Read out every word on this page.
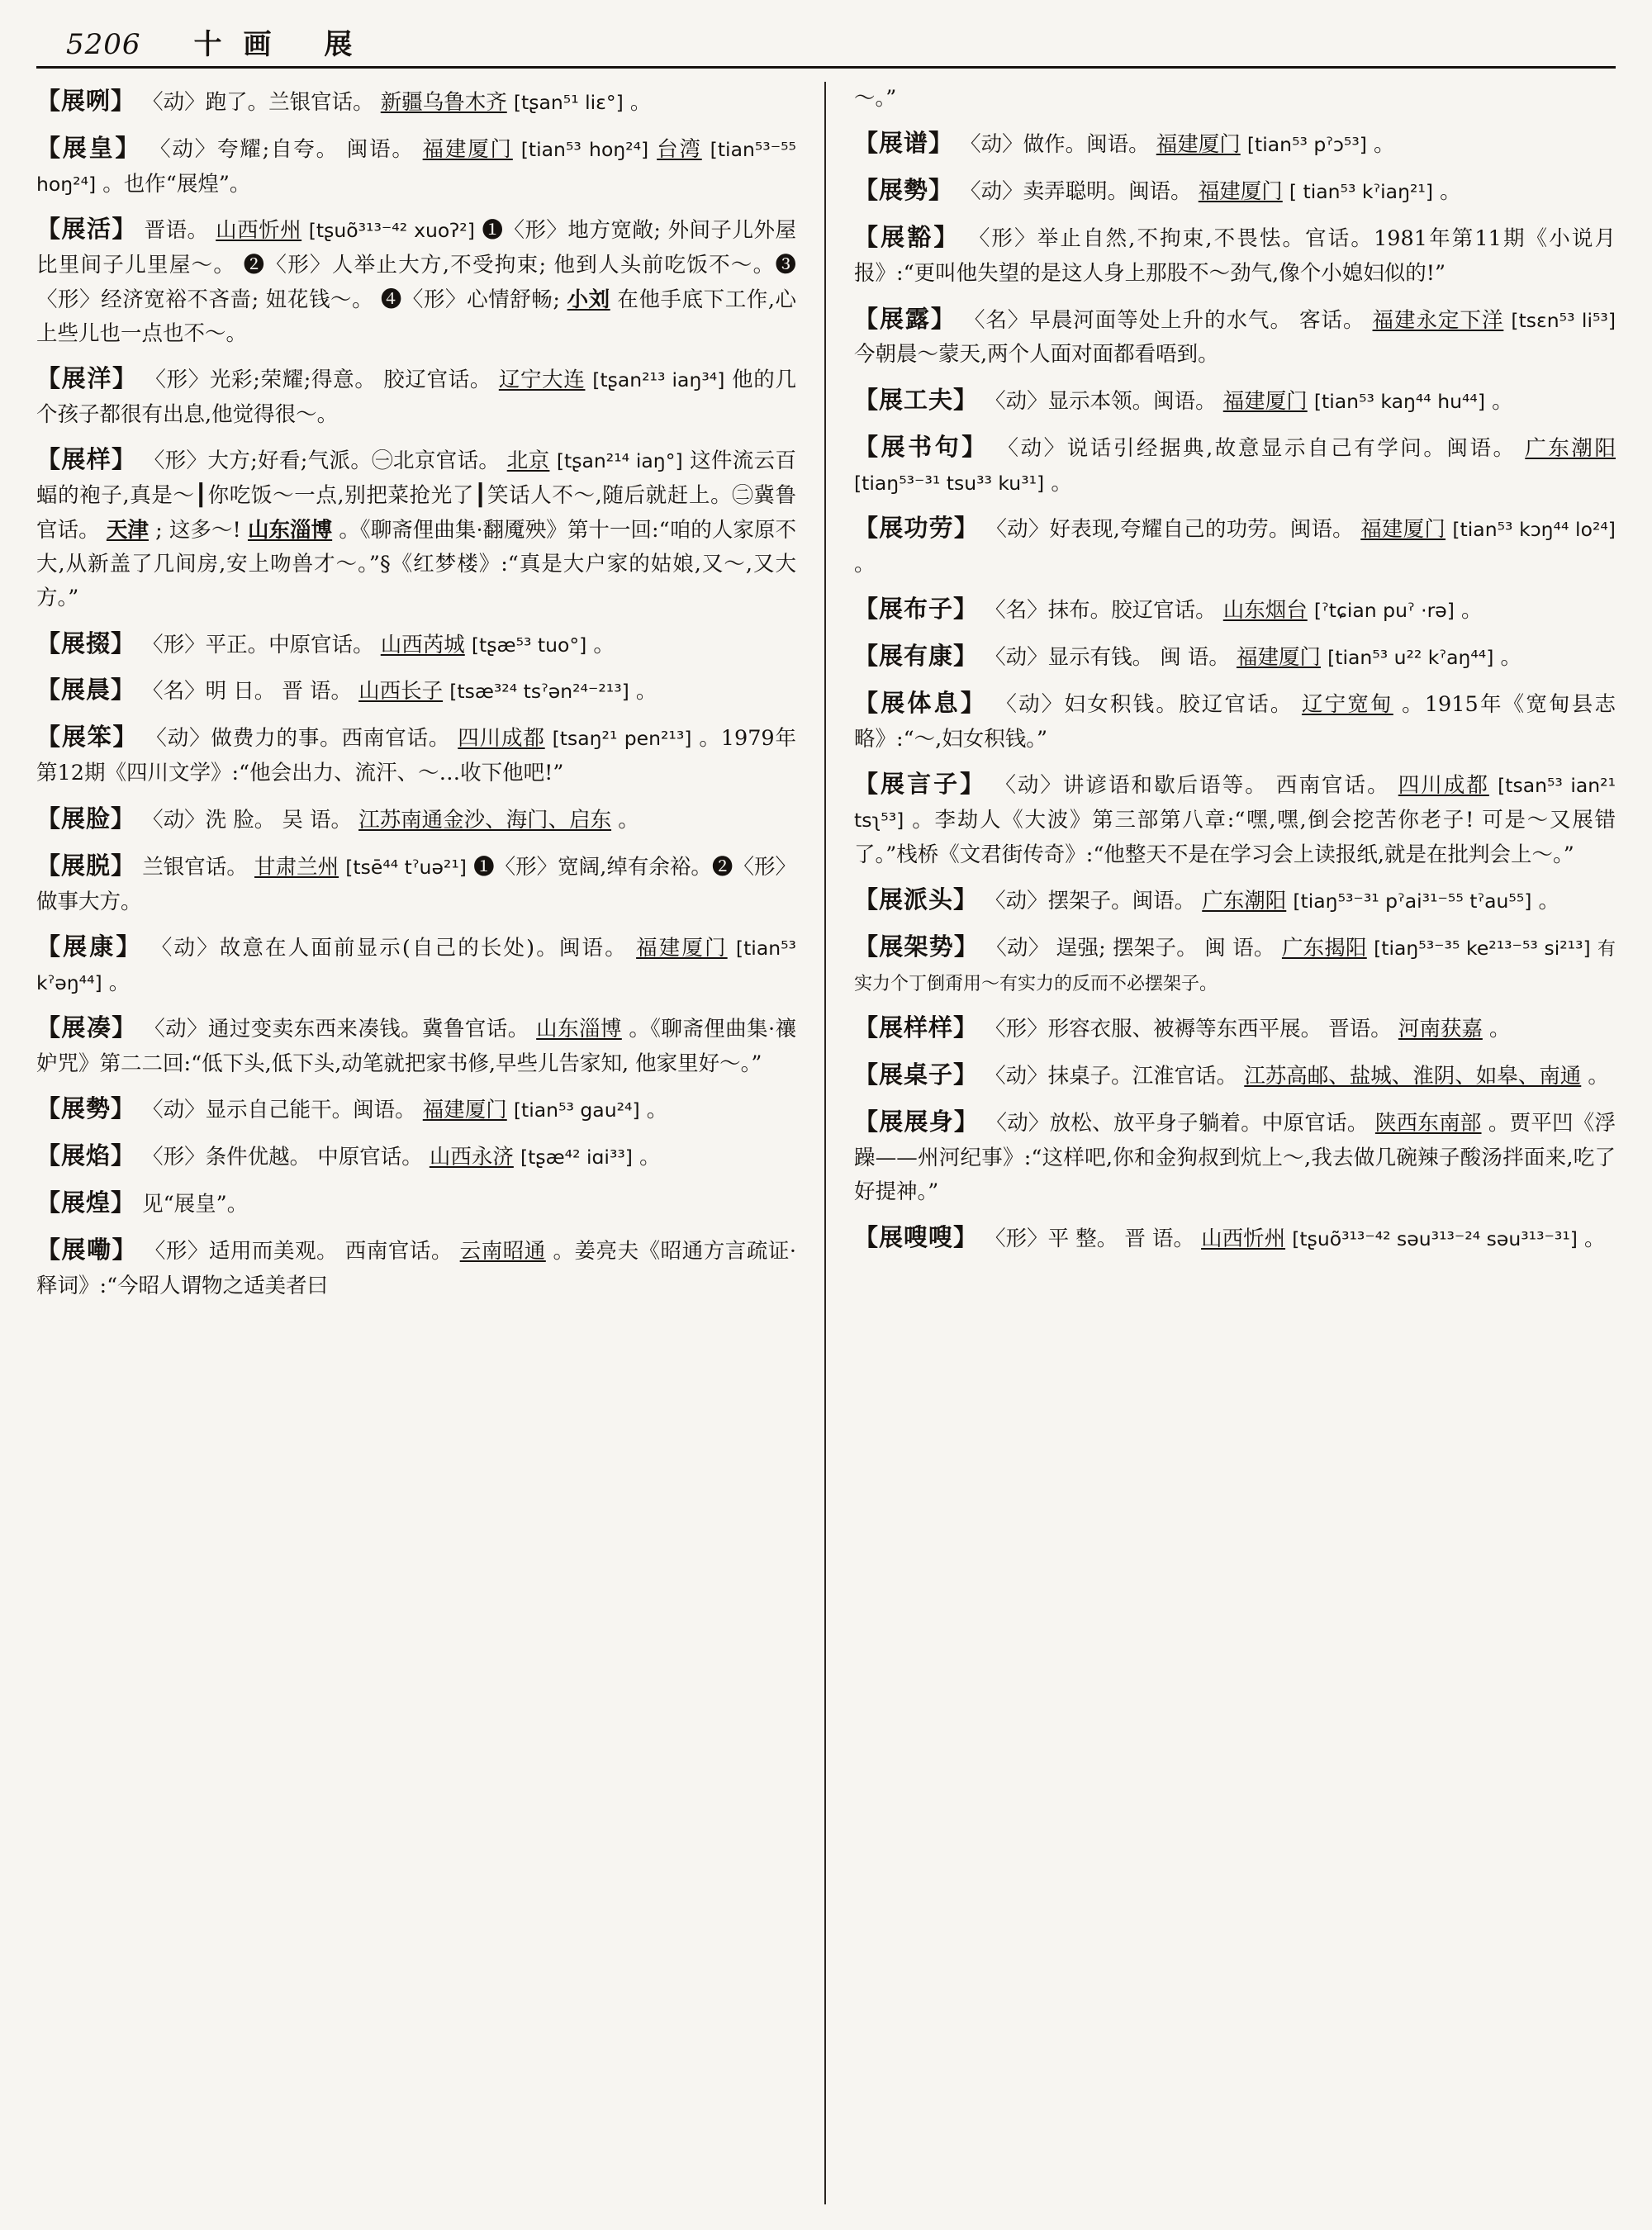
5206 十画 展
【展咧】 〈动〉跑了。兰银官话。 新疆乌鲁木齐 [tʂan⁵¹ liɛ°] 。
【展皇】 〈动〉夸耀;自夸。 闽语。 福建厦门 [tian⁵³ hoŋ²⁴] 台湾 [tian⁵³⁻⁵⁵ hoŋ²⁴] 。也作“展煌”。
【展活】 晋语。 山西忻州 [tʂuõ³¹³⁻⁴² xuoʔ²] ❶〈形〉地方宽敞; 外间子儿外屋比里间子儿里屋～。 ❷〈形〉人举止大方,不受拘束; 他到人头前吃饭不～。❸〈形〉经济宽裕不吝啬; 妞花钱～。 ❹〈形〉心情舒畅; 小刘 在他手底下工作,心上些儿也一点也不～。
【展洋】 〈形〉光彩;荣耀;得意。 胶辽官话。 辽宁大连 [tʂan²¹³ iaŋ³⁴] 他的几个孩子都很有出息,他觉得很～。
【展样】 〈形〉大方;好看;气派。㊀北京官话。 北京 [tʂan²¹⁴ iaŋ°] 这件流云百蝠的袍子,真是～┃你吃饭～一点,别把菜抢光了┃笑话人不～,随后就赶上。㊁冀鲁官话。 天津 ; 这多～! 山东淄博 。《聊斋俚曲集·翻魇殃》第十一回:“咱的人家原不大,从新盖了几间房,安上吻兽才～。”§《红梦楼》:“真是大户家的姑娘,又～,又大方。”
【展掇】 〈形〉平正。中原官话。 山西芮城 [tʂæ⁵³ tuo°] 。
【展晨】 〈名〉明 日。 晋 语。 山西长子 [tsæ³²⁴ tsˀən²⁴⁻²¹³] 。
【展笨】 〈动〉做费力的事。西南官话。 四川成都 [tsaŋ²¹ pen²¹³] 。1979年第12期《四川文学》:“他会出力、流汗、～…收下他吧!”
【展脸】 〈动〉洗 脸。 吴 语。 江苏南通金沙、海门、启东 。
【展脱】 兰银官话。 甘肃兰州 [tsē⁴⁴ tˀuə²¹] ❶〈形〉宽阔,绰有余裕。❷〈形〉做事大方。
【展康】 〈动〉故意在人面前显示(自己的长处)。闽语。 福建厦门 [tian⁵³ kˀəŋ⁴⁴] 。
【展凑】 〈动〉通过变卖东西来凑钱。冀鲁官话。 山东淄博 。《聊斋俚曲集·禳妒咒》第二二回:“低下头,低下头,动笔就把家书修,早些儿告家知, 他家里好～。”
【展勢】 〈动〉显示自己能干。闽语。 福建厦门 [tian⁵³ gau²⁴] 。
【展焰】 〈形〉条件优越。 中原官话。 山西永济 [tʂæ⁴² iɑi³³] 。
【展煌】 见“展皇”。
【展嘞】 〈形〉适用而美观。 西南官话。 云南昭通 。姜亮夫《昭通方言疏证·释词》:“今昭人谓物之适美者曰
～。”
【展谱】 〈动〉做作。闽语。 福建厦门 [tian⁵³ pˀɔ⁵³] 。
【展勢】 〈动〉卖弄聪明。闽语。 福建厦门 [ tian⁵³ kˀiaŋ²¹] 。
【展豁】 〈形〉举止自然,不拘束,不畏怯。官话。1981年第11期《小说月报》:“更叫他失望的是这人身上那股不～劲气,像个小媳妇似的!”
【展露】 〈名〉早晨河面等处上升的水气。 客话。 福建永定下洋 [tsɛn⁵³ li⁵³] 今朝晨～蒙天,两个人面对面都看唔到。
【展工夫】 〈动〉显示本领。闽语。 福建厦门 [tian⁵³ kaŋ⁴⁴ hu⁴⁴] 。
【展书句】 〈动〉说话引经据典,故意显示自己有学问。闽语。 广东潮阳 [tiaŋ⁵³⁻³¹ tsu³³ ku³¹] 。
【展功劳】 〈动〉好表现,夸耀自己的功劳。闽语。 福建厦门 [tian⁵³ kɔŋ⁴⁴ lo²⁴] 。
【展布子】 〈名〉抹布。胶辽官话。 山东烟台 [ˀtɕian puˀ ·rə] 。
【展有康】 〈动〉显示有钱。 闽 语。 福建厦门 [tian⁵³ u²² kˀaŋ⁴⁴] 。
【展体息】 〈动〉妇女积钱。胶辽官话。 辽宁宽甸 。1915年《宽甸县志略》:“～,妇女积钱。”
【展言子】 〈动〉讲谚语和歇后语等。 西南官话。 四川成都 [tsan⁵³ ian²¹ tsʅ⁵³] 。李劫人《大波》第三部第八章:“嘿,嘿,倒会挖苦你老子! 可是～又展错了。”栈桥《文君街传奇》:“他整天不是在学习会上读报纸,就是在批判会上～。”
【展派头】 〈动〉摆架子。闽语。 广东潮阳 [tiaŋ⁵³⁻³¹ pˀai³¹⁻⁵⁵ tˀau⁵⁵] 。
【展架势】 〈动〉 逞强; 摆架子。 闽 语。 广东揭阳 [tiaŋ⁵³⁻³⁵ ke²¹³⁻⁵³ si²¹³] 有实力个丁倒甭用～有实力的反而不必摆架子。
【展样样】 〈形〉形容衣服、被褥等东西平展。 晋语。 河南获嘉 。
【展桌子】 〈动〉抹桌子。江淮官话。 江苏高邮、盐城、淮阴、如皋、南通 。
【展展身】 〈动〉放松、放平身子躺着。中原官话。 陕西东南部 。贾平凹《浮躁——州河纪事》:“这样吧,你和金狗叔到炕上～,我去做几碗辣子酸汤拌面来,吃了好提神。”
【展嗖嗖】 〈形〉平 整。 晋 语。 山西忻州 [tʂuõ³¹³⁻⁴² səu³¹³⁻²⁴ səu³¹³⁻³¹] 。
